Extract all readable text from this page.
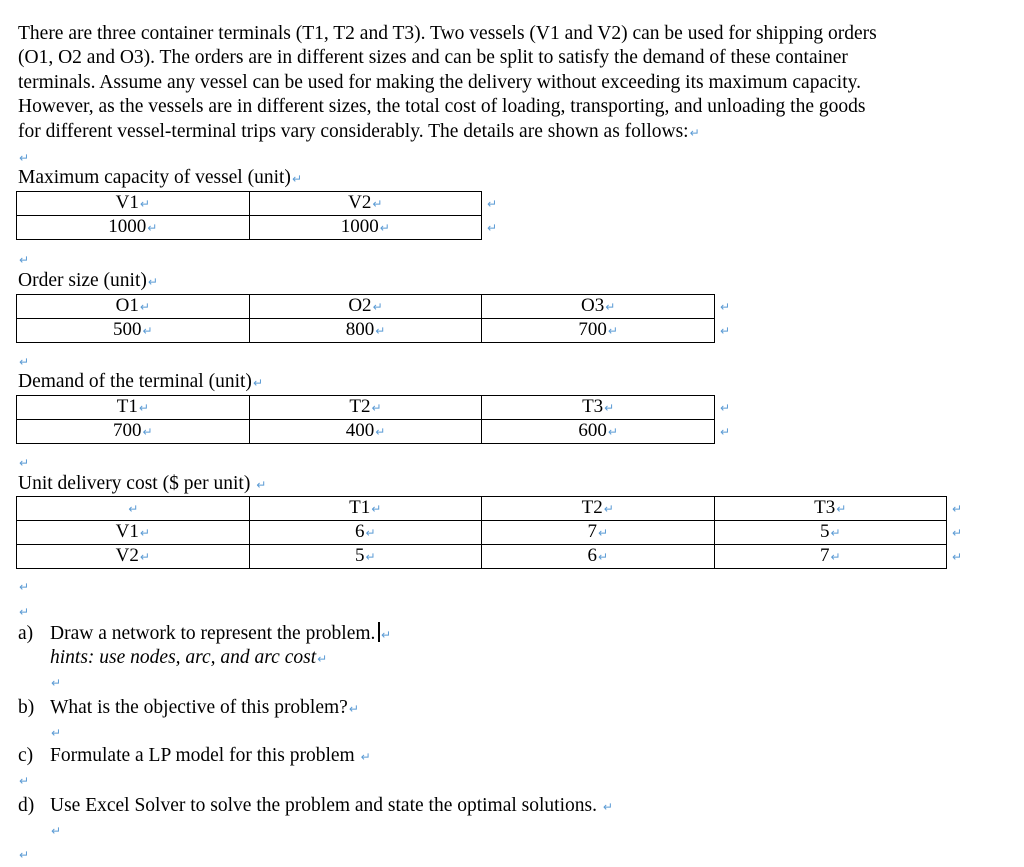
There are three container terminals (T1, T2 and T3). Two vessels (V1 and V2) can be used for shipping orders

(O1, O2 and O3). The orders are in different sizes and can be split to satisfy the demand of these container

terminals. Assume any vessel can be used for making the delivery without exceeding its maximum capacity.

However, as the vessels are in different sizes, the total cost of loading, transporting, and unloading the goods

for different vessel-terminal trips vary considerably. The details are shown as follows:↵

↵
Maximum capacity of vessel (unit)↵
V1↵	V2↵
1000↵	1000↵
↵
↵
↵
Order size (unit)↵
O1↵	O2↵	O3↵
500↵	800↵	700↵
↵
↵
↵
Demand of the terminal (unit)↵
T1↵	T2↵	T3↵
700↵	400↵	600↵
↵
↵
↵
Unit delivery cost ($ per unit) ↵
↵	T1↵	T2↵	T3↵
V1↵	6↵	7↵	5↵
V2↵	5↵	6↵	7↵
↵
↵
↵
↵
↵
a) Draw a network to represent the problem. ↵
hints: use nodes, arc, and arc cost↵
↵
b) What is the objective of this problem?↵
↵
c) Formulate a LP model for this problem ↵
↵
d) Use Excel Solver to solve the problem and state the optimal solutions. ↵
↵
↵
